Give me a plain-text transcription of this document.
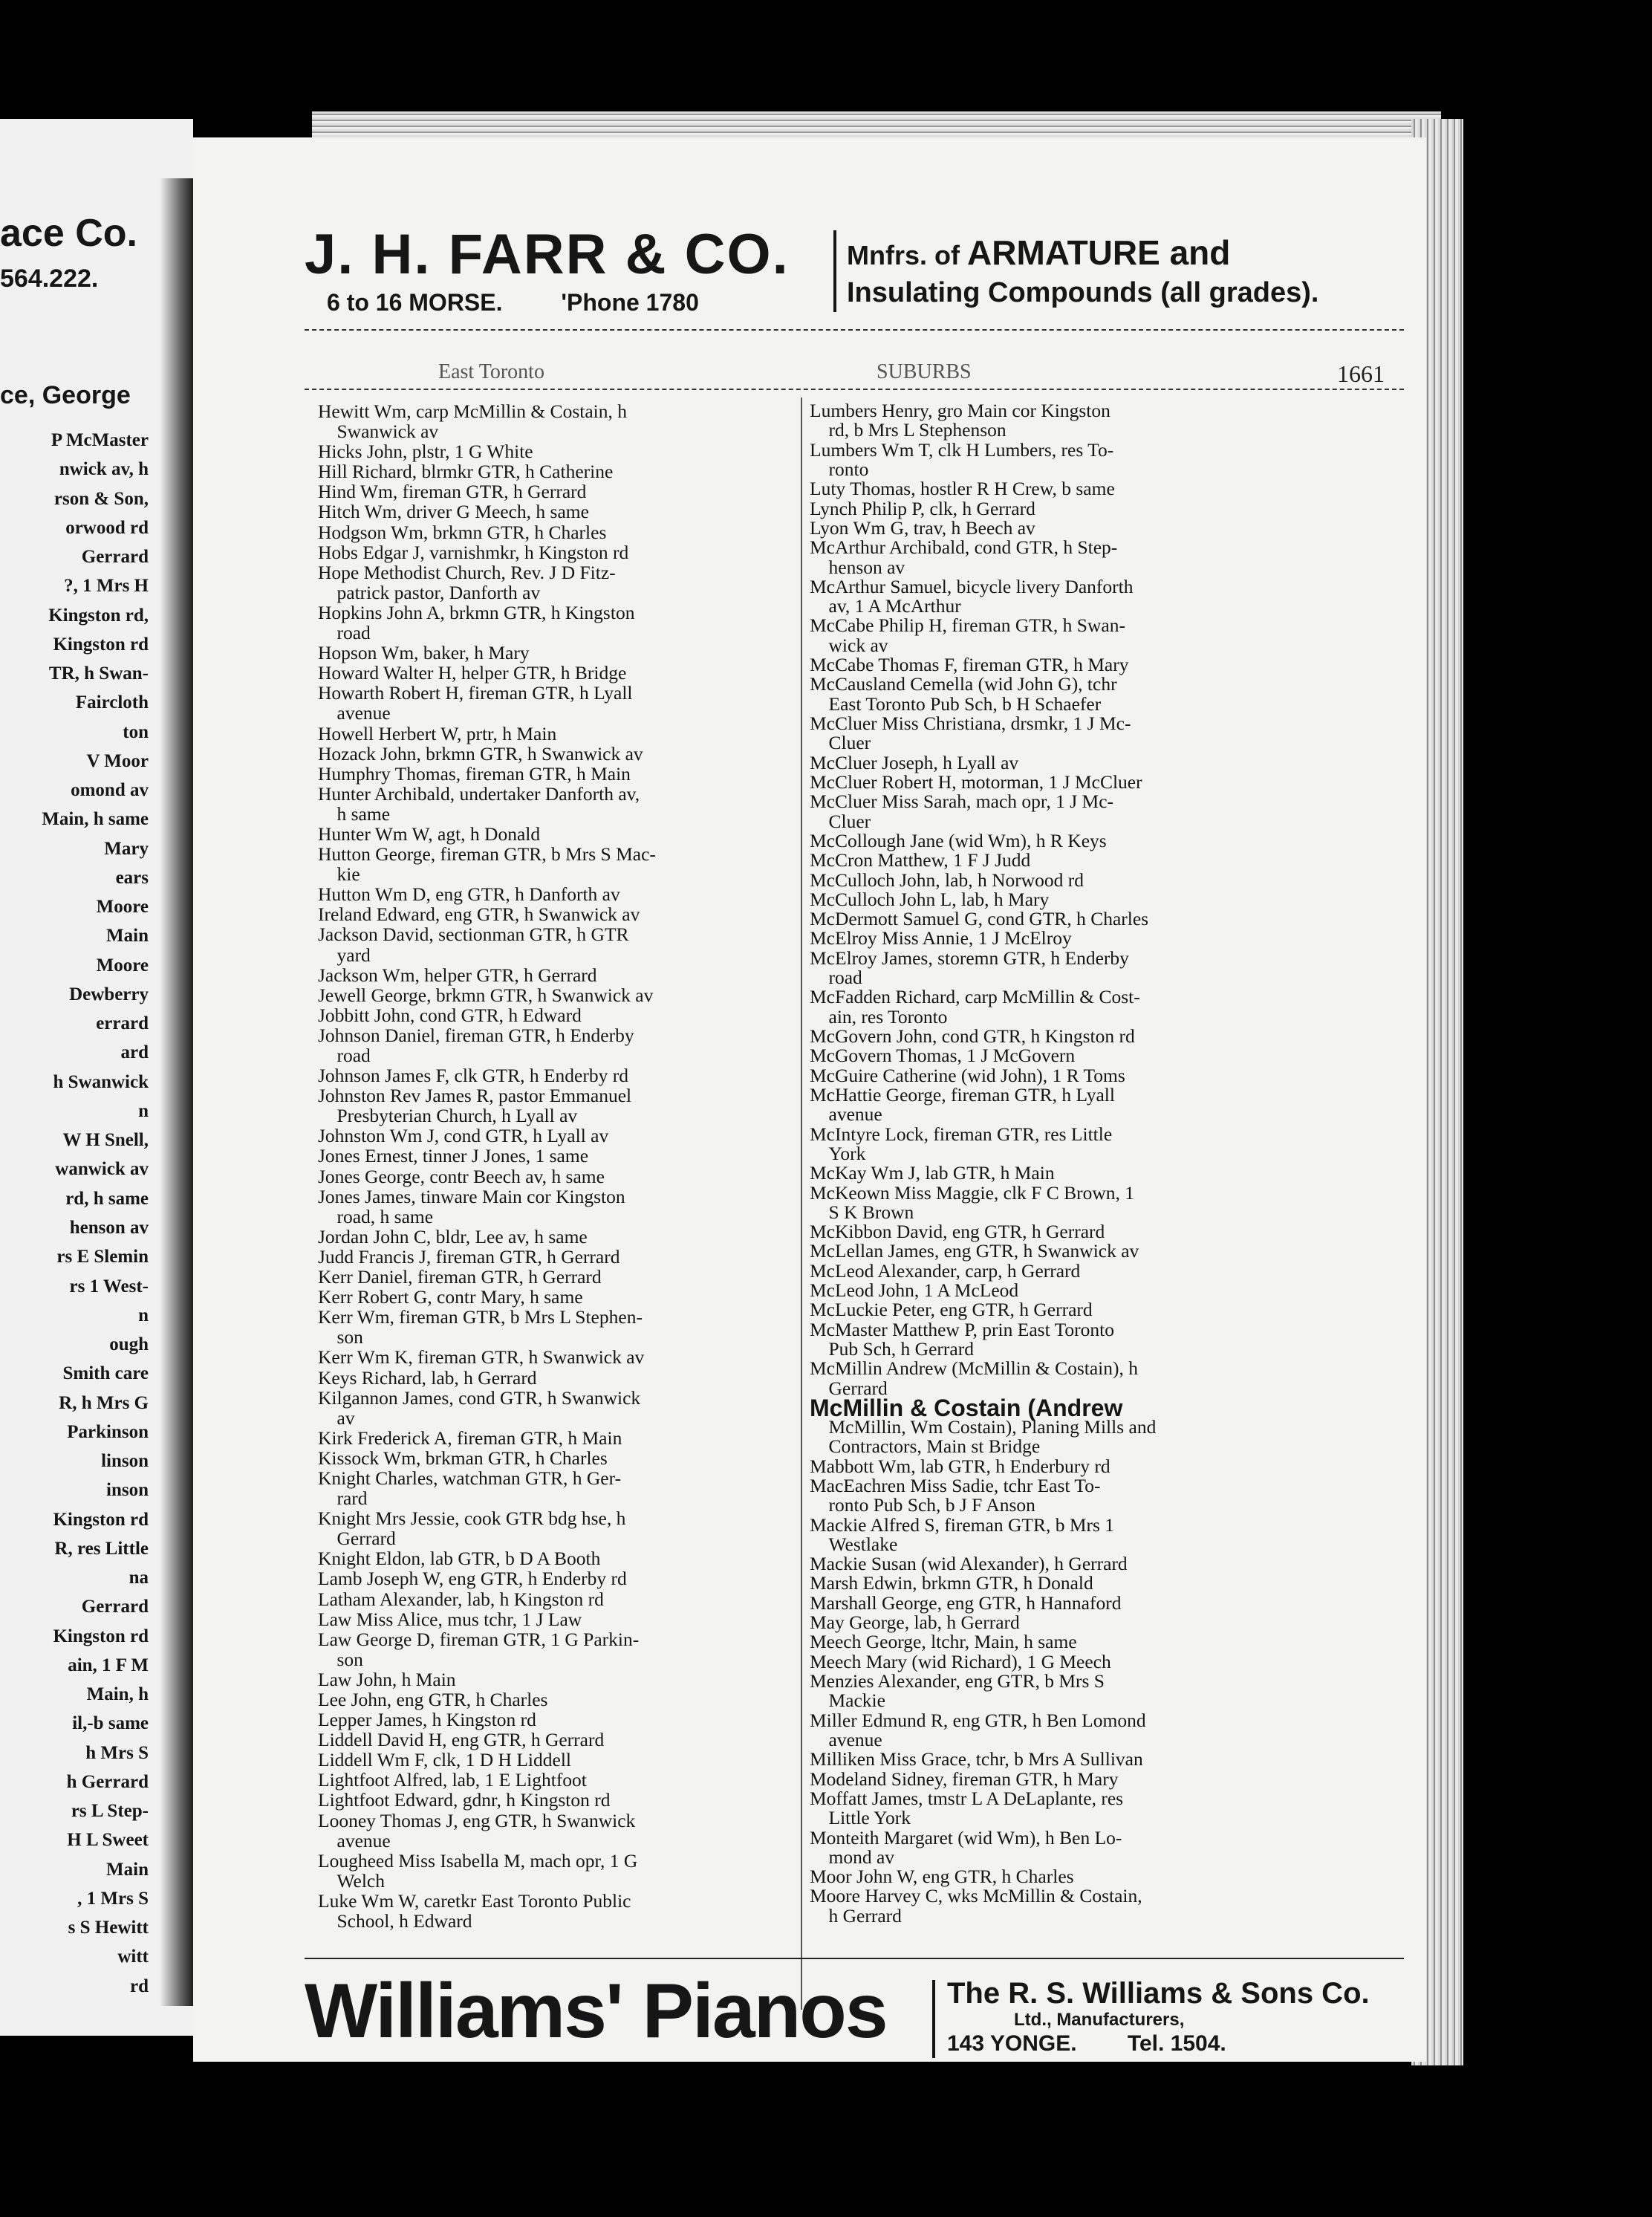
ace Co.
564.222.
ce, George
P McMaster
nwick av, h
rson & Son,
orwood rd
Gerrard
?, 1 Mrs H
Kingston rd,
Kingston rd
TR, h Swan-
Faircloth
ton
V Moor
omond av
Main, h same
Mary
ears
Moore
Main
Moore
Dewberry
errard
ard
h Swanwick
n
W H Snell,
wanwick av
rd, h same
henson av
rs E Slemin
rs 1 West-
n
ough
Smith care
R, h Mrs G
Parkinson
linson
inson
Kingston rd
R, res Little
na
Gerrard
Kingston rd
ain, 1 F M
Main, h
il,-b same
h Mrs S
h Gerrard
rs L Step-
H L Sweet
Main
, 1 Mrs S
s S Hewitt
witt
rd
J. H. FARR & CO.
6 to 16 MORSE. 'Phone 1780
Mnfrs. of ARMATURE and
Insulating Compounds (all grades).
East Toronto	SUBURBS	1661
Hewitt Wm, carp McMillin & Costain, h
 Swanwick av
Hicks John, plstr, 1 G White
Hill Richard, blrmkr GTR, h Catherine
Hind Wm, fireman GTR, h Gerrard
Hitch Wm, driver G Meech, h same
Hodgson Wm, brkmn GTR, h Charles
Hobs Edgar J, varnishmkr, h Kingston rd
Hope Methodist Church, Rev. J D Fitz-
 patrick pastor, Danforth av
Hopkins John A, brkmn GTR, h Kingston
 road
Hopson Wm, baker, h Mary
Howard Walter H, helper GTR, h Bridge
Howarth Robert H, fireman GTR, h Lyall
 avenue
Howell Herbert W, prtr, h Main
Hozack John, brkmn GTR, h Swanwick av
Humphry Thomas, fireman GTR, h Main
Hunter Archibald, undertaker Danforth av,
 h same
Hunter Wm W, agt, h Donald
Hutton George, fireman GTR, b Mrs S Mac-
 kie
Hutton Wm D, eng GTR, h Danforth av
Ireland Edward, eng GTR, h Swanwick av
Jackson David, sectionman GTR, h GTR
 yard
Jackson Wm, helper GTR, h Gerrard
Jewell George, brkmn GTR, h Swanwick av
Jobbitt John, cond GTR, h Edward
Johnson Daniel, fireman GTR, h Enderby
 road
Johnson James F, clk GTR, h Enderby rd
Johnston Rev James R, pastor Emmanuel
 Presbyterian Church, h Lyall av
Johnston Wm J, cond GTR, h Lyall av
Jones Ernest, tinner J Jones, 1 same
Jones George, contr Beech av, h same
Jones James, tinware Main cor Kingston
 road, h same
Jordan John C, bldr, Lee av, h same
Judd Francis J, fireman GTR, h Gerrard
Kerr Daniel, fireman GTR, h Gerrard
Kerr Robert G, contr Mary, h same
Kerr Wm, fireman GTR, b Mrs L Stephen-
 son
Kerr Wm K, fireman GTR, h Swanwick av
Keys Richard, lab, h Gerrard
Kilgannon James, cond GTR, h Swanwick
 av
Kirk Frederick A, fireman GTR, h Main
Kissock Wm, brkman GTR, h Charles
Knight Charles, watchman GTR, h Ger-
 rard
Knight Mrs Jessie, cook GTR bdg hse, h
 Gerrard
Knight Eldon, lab GTR, b D A Booth
Lamb Joseph W, eng GTR, h Enderby rd
Latham Alexander, lab, h Kingston rd
Law Miss Alice, mus tchr, 1 J Law
Law George D, fireman GTR, 1 G Parkin-
 son
Law John, h Main
Lee John, eng GTR, h Charles
Lepper James, h Kingston rd
Liddell David H, eng GTR, h Gerrard
Liddell Wm F, clk, 1 D H Liddell
Lightfoot Alfred, lab, 1 E Lightfoot
Lightfoot Edward, gdnr, h Kingston rd
Looney Thomas J, eng GTR, h Swanwick
 avenue
Lougheed Miss Isabella M, mach opr, 1 G
 Welch
Luke Wm W, caretkr East Toronto Public
 School, h Edward
Lumbers Henry, gro Main cor Kingston
 rd, b Mrs L Stephenson
Lumbers Wm T, clk H Lumbers, res To-
 ronto
Luty Thomas, hostler R H Crew, b same
Lynch Philip P, clk, h Gerrard
Lyon Wm G, trav, h Beech av
McArthur Archibald, cond GTR, h Step-
 henson av
McArthur Samuel, bicycle livery Danforth
 av, 1 A McArthur
McCabe Philip H, fireman GTR, h Swan-
 wick av
McCabe Thomas F, fireman GTR, h Mary
McCausland Cemella (wid John G), tchr
 East Toronto Pub Sch, b H Schaefer
McCluer Miss Christiana, drsmkr, 1 J Mc-
 Cluer
McCluer Joseph, h Lyall av
McCluer Robert H, motorman, 1 J McCluer
McCluer Miss Sarah, mach opr, 1 J Mc-
 Cluer
McCollough Jane (wid Wm), h R Keys
McCron Matthew, 1 F J Judd
McCulloch John, lab, h Norwood rd
McCulloch John L, lab, h Mary
McDermott Samuel G, cond GTR, h Charles
McElroy Miss Annie, 1 J McElroy
McElroy James, storemn GTR, h Enderby
 road
McFadden Richard, carp McMillin & Cost-
 ain, res Toronto
McGovern John, cond GTR, h Kingston rd
McGovern Thomas, 1 J McGovern
McGuire Catherine (wid John), 1 R Toms
McHattie George, fireman GTR, h Lyall
 avenue
McIntyre Lock, fireman GTR, res Little
 York
McKay Wm J, lab GTR, h Main
McKeown Miss Maggie, clk F C Brown, 1
 S K Brown
McKibbon David, eng GTR, h Gerrard
McLellan James, eng GTR, h Swanwick av
McLeod Alexander, carp, h Gerrard
McLeod John, 1 A McLeod
McLuckie Peter, eng GTR, h Gerrard
McMaster Matthew P, prin East Toronto
 Pub Sch, h Gerrard
McMillin Andrew (McMillin & Costain), h
 Gerrard
McMillin & Costain (Andrew
 McMillin, Wm Costain), Planing Mills and
 Contractors, Main st Bridge
Mabbott Wm, lab GTR, h Enderbury rd
MacEachren Miss Sadie, tchr East To-
 ronto Pub Sch, b J F Anson
Mackie Alfred S, fireman GTR, b Mrs 1
 Westlake
Mackie Susan (wid Alexander), h Gerrard
Marsh Edwin, brkmn GTR, h Donald
Marshall George, eng GTR, h Hannaford
May George, lab, h Gerrard
Meech George, ltchr, Main, h same
Meech Mary (wid Richard), 1 G Meech
Menzies Alexander, eng GTR, b Mrs S
 Mackie
Miller Edmund R, eng GTR, h Ben Lomond
 avenue
Milliken Miss Grace, tchr, b Mrs A Sullivan
Modeland Sidney, fireman GTR, h Mary
Moffatt James, tmstr L A DeLaplante, res
 Little York
Monteith Margaret (wid Wm), h Ben Lo-
 mond av
Moor John W, eng GTR, h Charles
Moore Harvey C, wks McMillin & Costain,
 h Gerrard
Williams' Pianos The R. S. Williams & Sons Co.
Ltd., Manufacturers,
143 YONGE. Tel. 1504.
